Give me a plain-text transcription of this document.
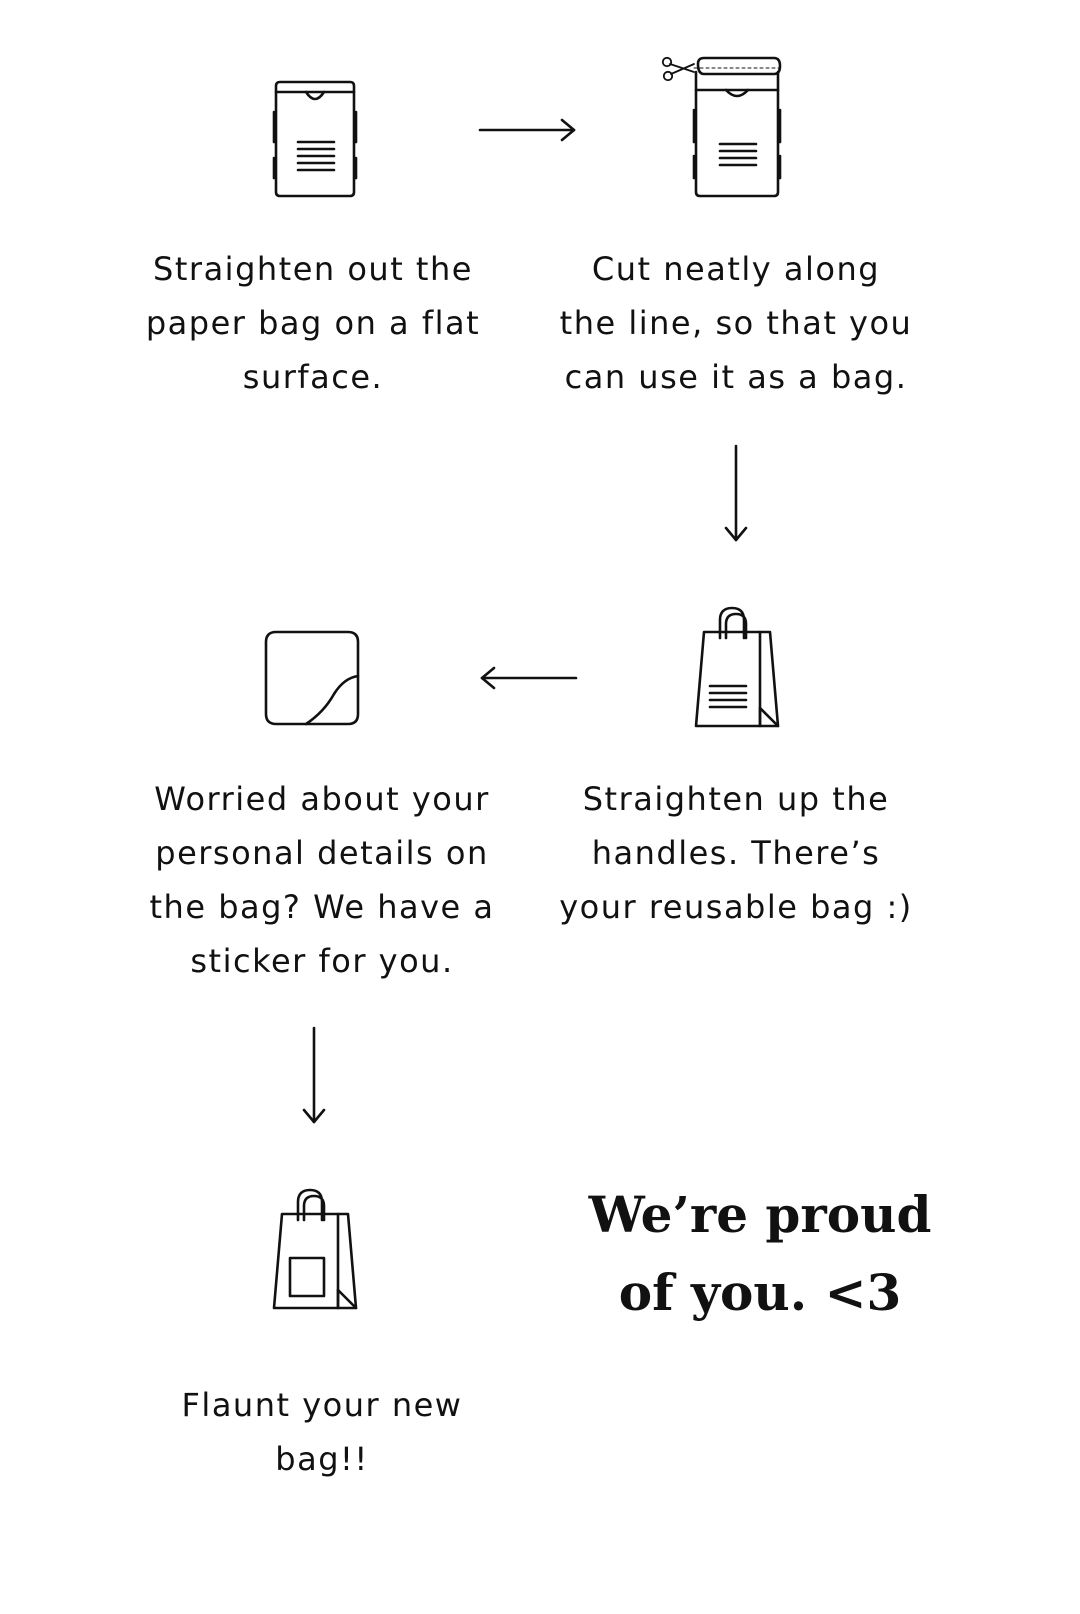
Straighten out the
paper bag on a flat
surface.
Cut neatly along
the line, so that you
can use it as a bag.
Worried about your
personal details on
the bag? We have a
sticker for you.
Straighten up the
handles. There’s
your reusable bag :)
We’re proud
of you. <3
Flaunt your new
bag!!
